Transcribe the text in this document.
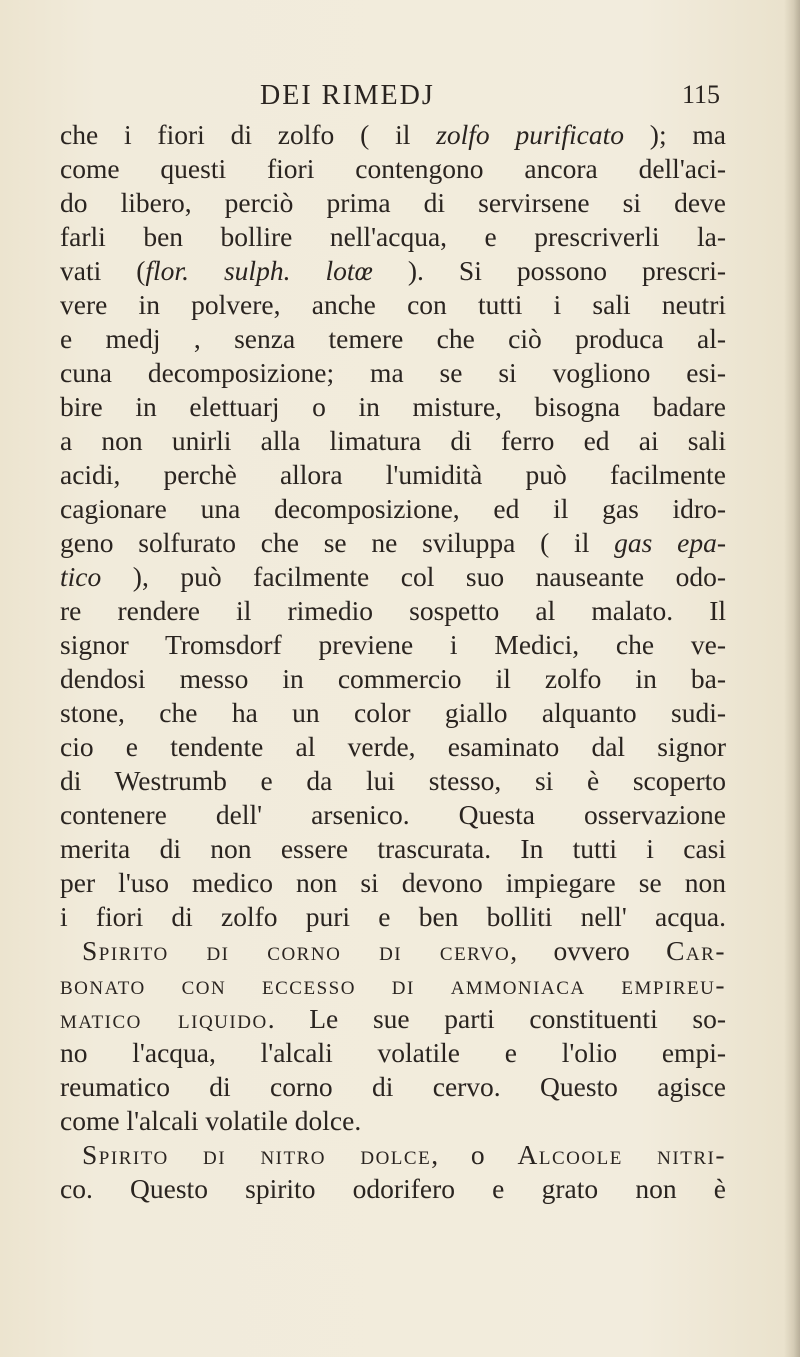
DEI RIMEDJ	115
che i fiori di zolfo ( il zolfo purificato ); ma
come questi fiori contengono ancora dell'aci-
do libero, perciò prima di servirsene si deve
farli ben bollire nell'acqua, e prescriverli la-
vati (flor. sulph. lotœ ). Si possono prescri-
vere in polvere, anche con tutti i sali neutri
e medj , senza temere che ciò produca al-
cuna decomposizione; ma se si vogliono esi-
bire in elettuarj o in misture, bisogna badare
a non unirli alla limatura di ferro ed ai sali
acidi, perchè allora l'umidità può facilmente
cagionare una decomposizione, ed il gas idro-
geno solfurato che se ne sviluppa ( il gas epa-
tico ), può facilmente col suo nauseante odo-
re rendere il rimedio sospetto al malato. Il
signor Tromsdorf previene i Medici, che ve-
dendosi messo in commercio il zolfo in ba-
stone, che ha un color giallo alquanto sudi-
cio e tendente al verde, esaminato dal signor
di Westrumb e da lui stesso, si è scoperto
contenere dell' arsenico. Questa osservazione
merita di non essere trascurata. In tutti i casi
per l'uso medico non si devono impiegare se non
i fiori di zolfo puri e ben bolliti nell' acqua.
Spirito di corno di cervo, ovvero Car-
bonato con eccesso di ammoniaca empireu-
matico liquido. Le sue parti constituenti so-
no l'acqua, l'alcali volatile e l'olio empi-
reumatico di corno di cervo. Questo agisce
come l'alcali volatile dolce.
Spirito di nitro dolce, o Alcoole nitri-
co. Questo spirito odorifero e grato non è
